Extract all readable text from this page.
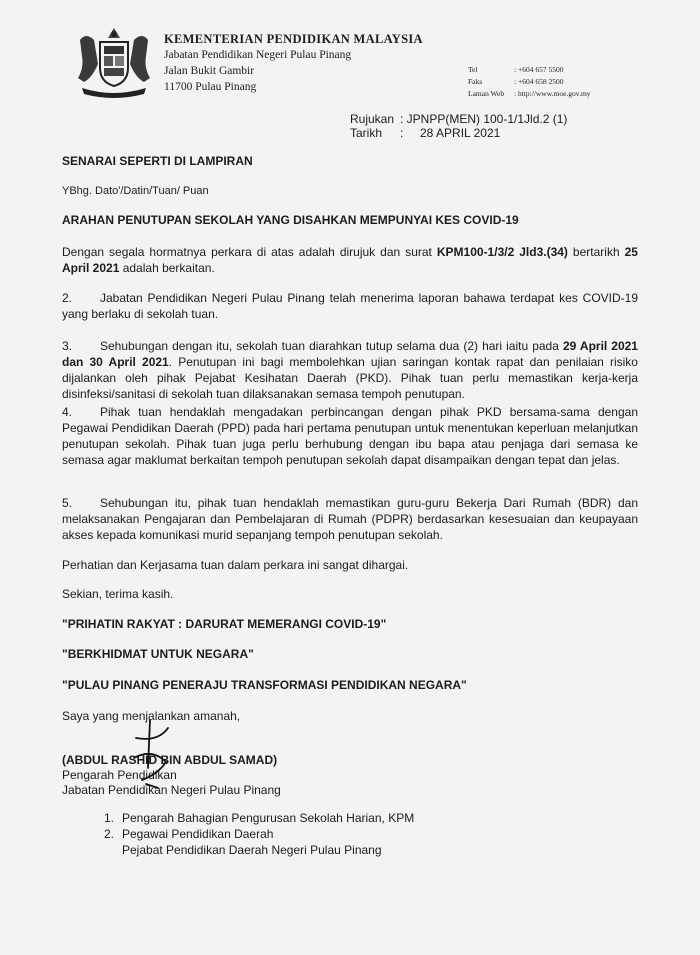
KEMENTERIAN PENDIDIKAN MALAYSIA
Jabatan Pendidikan Negeri Pulau Pinang
Jalan Bukit Gambir
11700 Pulau Pinang
Tel	: +604 657 5500
Faks	: +604 658 2500
Laman Web	: http://www.moe.gov.my
Rujukan : JPNPP(MEN) 100-1/1Jld.2 (1)
Tarikh	:	28 APRIL 2021
SENARAI SEPERTI DI LAMPIRAN
YBhg. Dato'/Datin/Tuan/ Puan
ARAHAN PENUTUPAN SEKOLAH YANG DISAHKAN MEMPUNYAI KES COVID-19
Dengan segala hormatnya perkara di atas adalah dirujuk dan surat KPM100-1/3/2 Jld3.(34) bertarikh 25 April 2021 adalah berkaitan.
2. Jabatan Pendidikan Negeri Pulau Pinang telah menerima laporan bahawa terdapat kes COVID-19 yang berlaku di sekolah tuan.
3. Sehubungan dengan itu, sekolah tuan diarahkan tutup selama dua (2) hari iaitu pada 29 April 2021 dan 30 April 2021. Penutupan ini bagi membolehkan ujian saringan kontak rapat dan penilaian risiko dijalankan oleh pihak Pejabat Kesihatan Daerah (PKD). Pihak tuan perlu memastikan kerja-kerja disinfeksi/sanitasi di sekolah tuan dilaksanakan semasa tempoh penutupan.
4. Pihak tuan hendaklah mengadakan perbincangan dengan pihak PKD bersama-sama dengan Pegawai Pendidikan Daerah (PPD) pada hari pertama penutupan untuk menentukan keperluan melanjutkan penutupan sekolah. Pihak tuan juga perlu berhubung dengan ibu bapa atau penjaga dari semasa ke semasa agar maklumat berkaitan tempoh penutupan sekolah dapat disampaikan dengan tepat dan jelas.
5. Sehubungan itu, pihak tuan hendaklah memastikan guru-guru Bekerja Dari Rumah (BDR) dan melaksanakan Pengajaran dan Pembelajaran di Rumah (PDPR) berdasarkan kesesuaian dan keupayaan akses kepada komunikasi murid sepanjang tempoh penutupan sekolah.
Perhatian dan Kerjasama tuan dalam perkara ini sangat dihargai.
Sekian, terima kasih.
"PRIHATIN RAKYAT : DARURAT MEMERANGI COVID-19"
"BERKHIDMAT UNTUK NEGARA"
"PULAU PINANG PENERAJU TRANSFORMASI PENDIDIKAN NEGARA"
Saya yang menjalankan amanah,
(ABDUL RASHID BIN ABDUL SAMAD)
Pengarah Pendidikan
Jabatan Pendidikan Negeri Pulau Pinang
1. Pengarah Bahagian Pengurusan Sekolah Harian, KPM
2. Pegawai Pendidikan Daerah
Pejabat Pendidikan Daerah Negeri Pulau Pinang
